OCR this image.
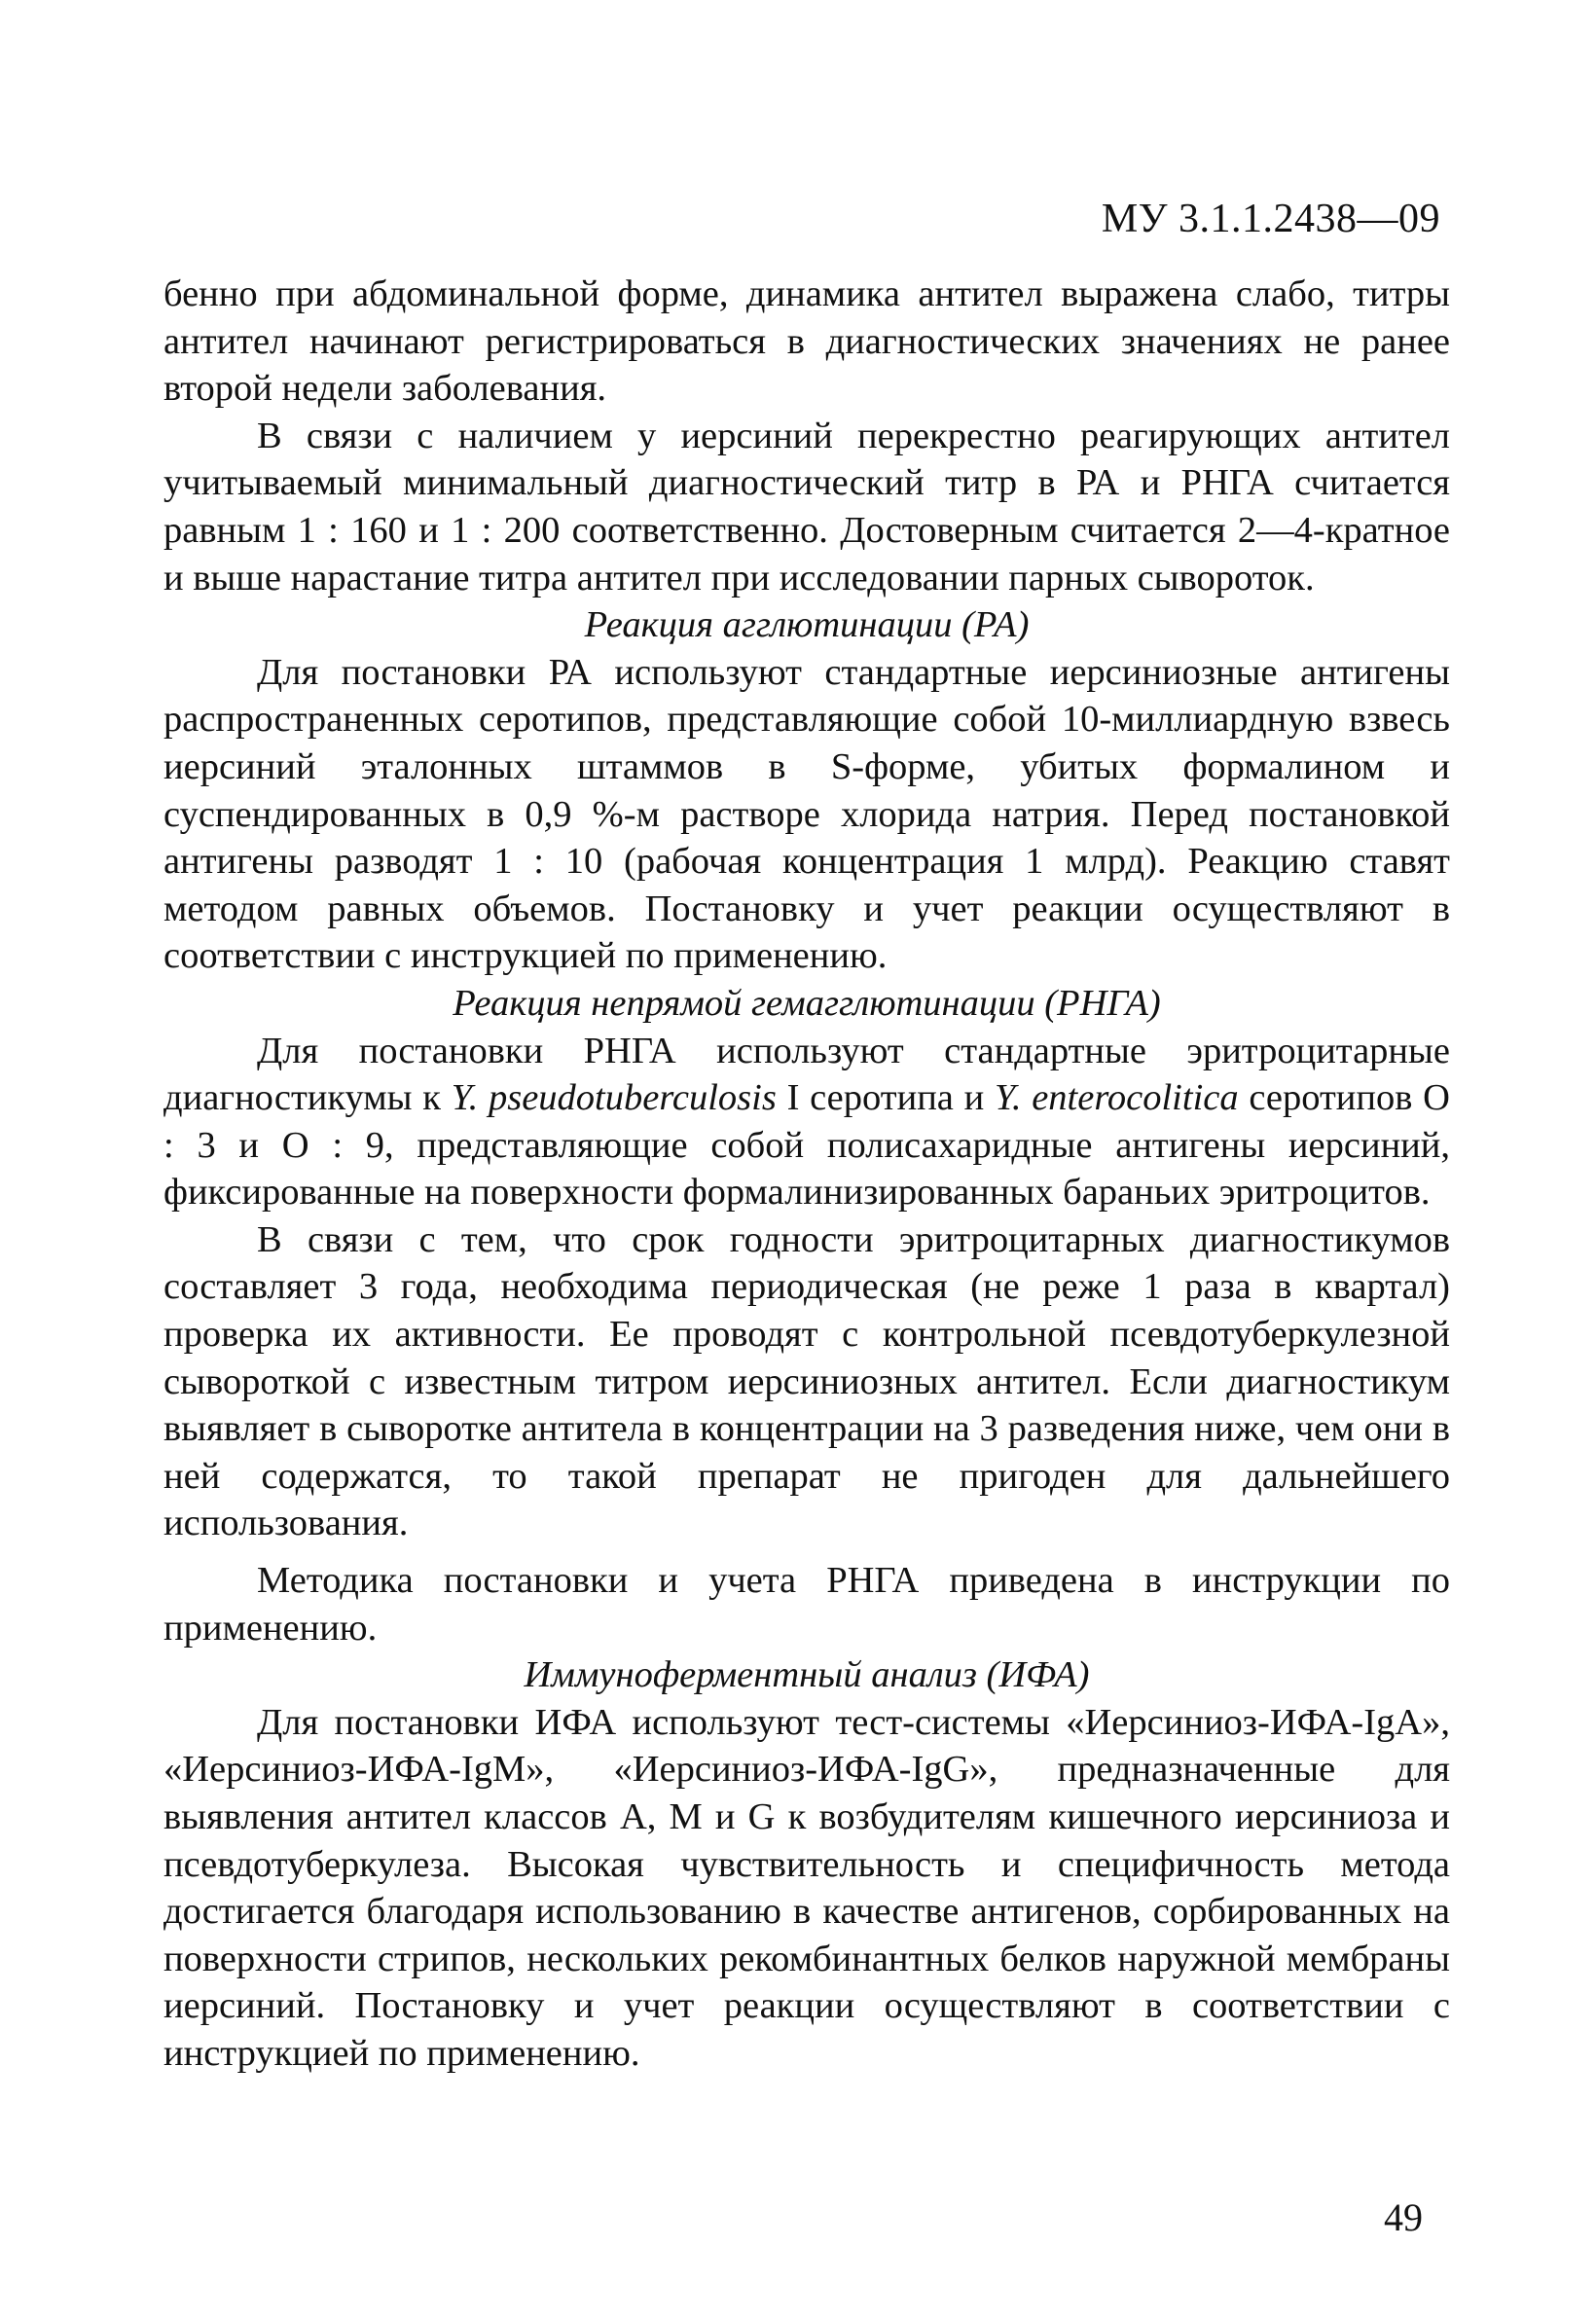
МУ 3.1.1.2438—09

бенно при абдоминальной форме, динамика антител выражена слабо, титры антител начинают регистрироваться в диагностических значениях не ранее второй недели заболевания.

В связи с наличием у иерсиний перекрестно реагирующих антител учитываемый минимальный диагностический титр в РА и РНГА считается равным 1 : 160 и 1 : 200 соответственно. Достоверным считается 2—4-кратное и выше нарастание титра антител при исследовании парных сывороток.

Реакция агглютинации (РА)

Для постановки РА используют стандартные иерсиниозные антигены распространенных серотипов, представляющие собой 10-миллиардную взвесь иерсиний эталонных штаммов в S-форме, убитых формалином и суспендированных в 0,9 %-м растворе хлорида натрия. Перед постановкой антигены разводят 1 : 10 (рабочая концентрация 1 млрд). Реакцию ставят методом равных объемов. Постановку и учет реакции осуществляют в соответствии с инструкцией по применению.

Реакция непрямой гемагглютинации (РНГА)

Для постановки РНГА используют стандартные эритроцитарные диагностикумы к Y. pseudotuberculosis I серотипа и Y. enterocolitica серотипов О : 3 и О : 9, представляющие собой полисахаридные антигены иерсиний, фиксированные на поверхности формалинизированных бараньих эритроцитов.

В связи с тем, что срок годности эритроцитарных диагностикумов составляет 3 года, необходима периодическая (не реже 1 раза в квартал) проверка их активности. Ее проводят с контрольной псевдотуберкулезной сывороткой с известным титром иерсиниозных антител. Если диагностикум выявляет в сыворотке антитела в концентрации на 3 разведения ниже, чем они в ней содержатся, то такой препарат не пригоден для дальнейшего использования.

Методика постановки и учета РНГА приведена в инструкции по применению.

Иммуноферментный анализ (ИФА)

Для постановки ИФА используют тест-системы «Иерсиниоз-ИФА-IgA», «Иерсиниоз-ИФА-IgM», «Иерсиниоз-ИФА-IgG», предназначенные для выявления антител классов А, М и G к возбудителям кишечного иерсиниоза и псевдотуберкулеза. Высокая чувствительность и специфичность метода достигается благодаря использованию в качестве антигенов, сорбированных на поверхности стрипов, нескольких рекомбинантных белков наружной мембраны иерсиний. Постановку и учет реакции осуществляют в соответствии с инструкцией по применению.

49
